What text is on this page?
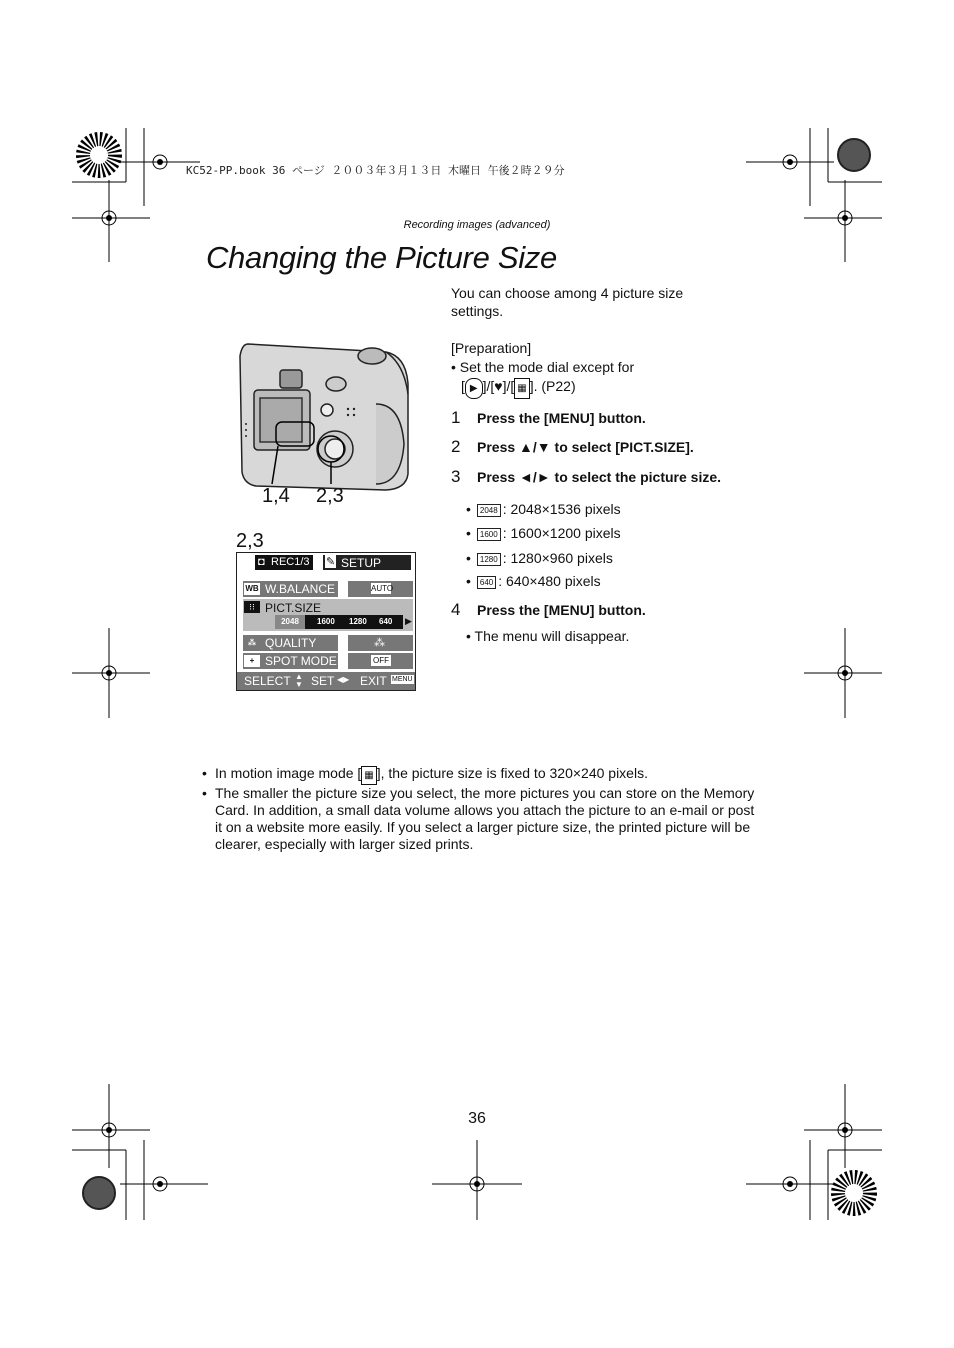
KC52-PP.book 36 ページ ２００３年３月１３日 木曜日 午後２時２９分
Recording images (advanced)
Changing the Picture Size
1,4 2,3
2,3
◘ REC1/3 ✎ SETUP
WB W.BALANCE	AUTO
⁝⁝ PICT.SIZE
2048	1600 1280 640 ▶
⁂ QUALITY	⁂
+ SPOT MODE	OFF
SELECT ▲
▼ SET ◀▶ EXIT MENU
You can choose among 4 picture size settings.
[Preparation]
• Set the mode dial except for
[ ▶ ]/[♥]/[ ▦ ]. (P22)
1 Press the [MENU] button.
2 Press ▲/▼ to select [PICT.SIZE].
3 Press ◄/► to select the picture size.
• 2048 : 2048×1536 pixels
• 1600 : 1600×1200 pixels
• 1280 : 1280×960 pixels
• 640 : 640×480 pixels
4 Press the [MENU] button.
• The menu will disappear.
• In motion image mode [ ▦ ], the picture size is fixed to 320×240 pixels.
• The smaller the picture size you select, the more pictures you can store on the Memory Card. In addition, a small data volume allows you attach the picture to an e-mail or post it on a website more easily. If you select a larger picture size, the printed picture will be clearer, especially with larger sized prints.
36
